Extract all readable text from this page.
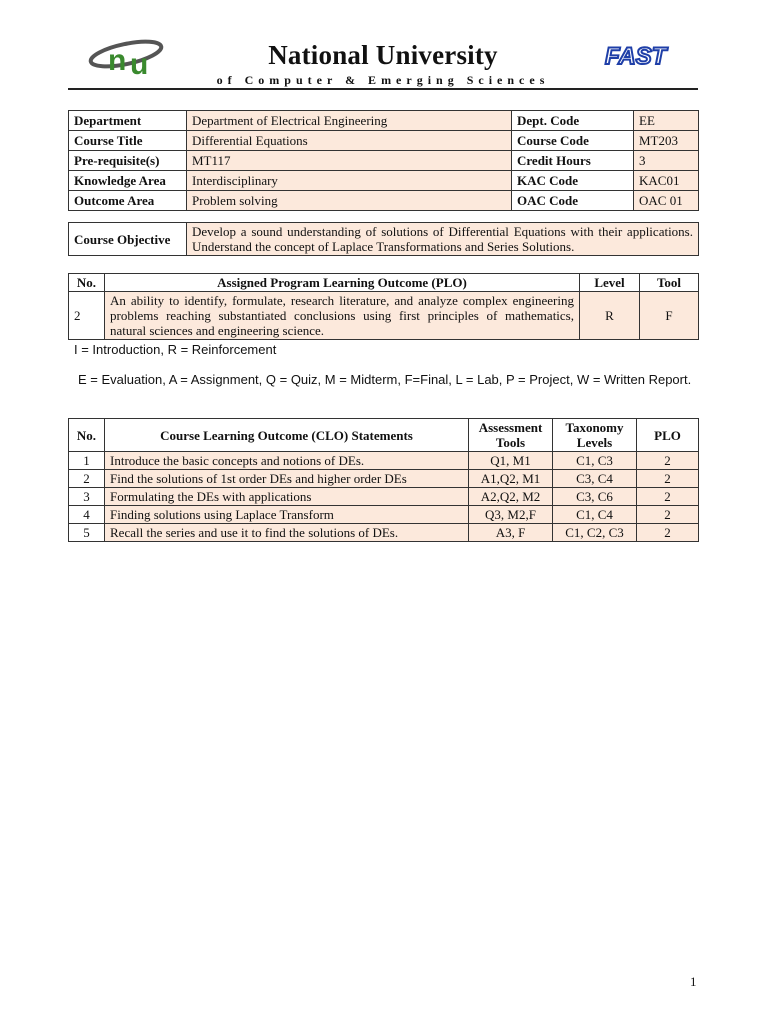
n u	National University
of Computer & Emerging Sciences
FAST
Department	Department of Electrical Engineering	Dept. Code	EE
Course Title	Differential Equations	Course Code	MT203
Pre-requisite(s)	MT117	Credit Hours	3
Knowledge Area	Interdisciplinary	KAC Code	KAC01
Outcome Area	Problem solving	OAC Code	OAC 01
Course Objective	Develop a sound understanding of solutions of Differential Equations with their applications. Understand the concept of Laplace Transformations and Series Solutions.
No.	Assigned Program Learning Outcome (PLO)	Level	Tool
2	An ability to identify, formulate, research literature, and analyze complex engineering problems reaching substantiated conclusions using first principles of mathematics, natural sciences and engineering science.	R	F
I = Introduction, R = Reinforcement
E = Evaluation, A = Assignment, Q = Quiz, M = Midterm, F=Final, L = Lab, P = Project, W = Written Report.
No.	Course Learning Outcome (CLO) Statements	Assessment Tools	Taxonomy Levels	PLO
1	Introduce the basic concepts and notions of DEs.	Q1, M1	C1, C3	2
2	Find the solutions of 1st order DEs and higher order DEs	A1,Q2, M1	C3, C4	2
3	Formulating the DEs with applications	A2,Q2, M2	C3, C6	2
4	Finding solutions using Laplace Transform	Q3, M2,F	C1, C4	2
5	Recall the series and use it to find the solutions of DEs.	A3, F	C1, C2, C3	2
1
